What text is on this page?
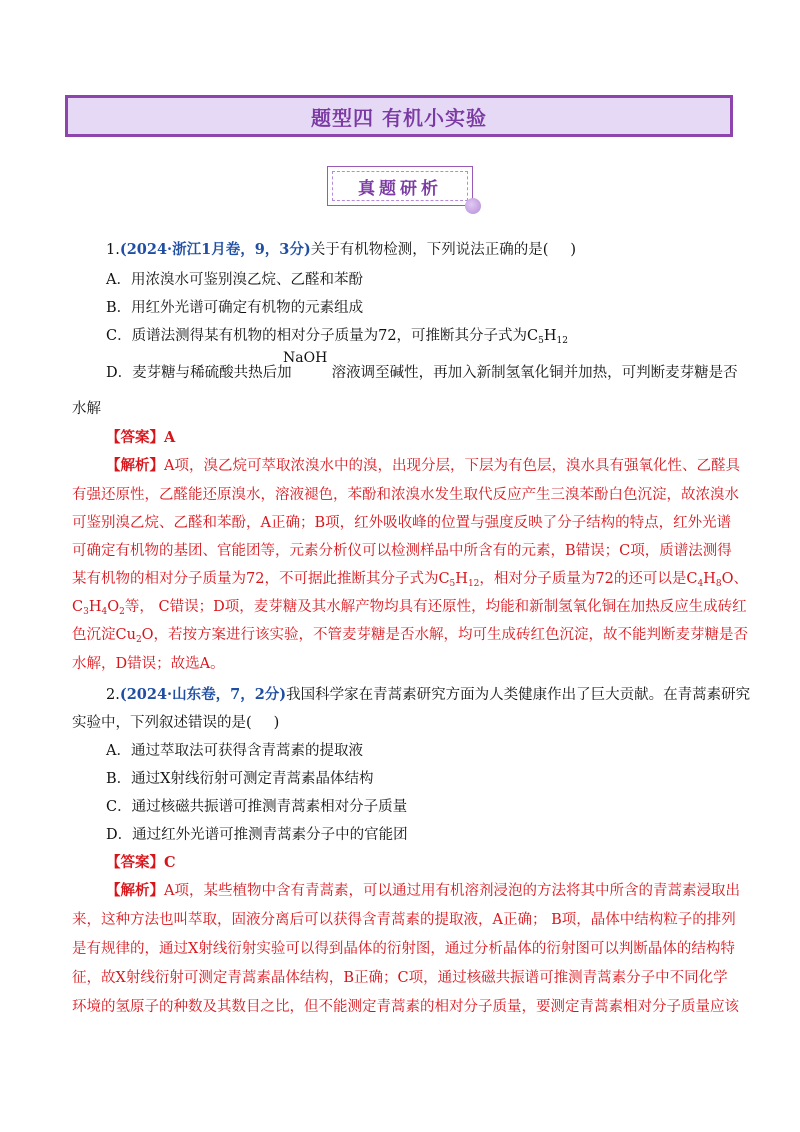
题型四 有机小实验
真题研析
1.(2024·浙江1月卷，9，3分)关于有机物检测，下列说法正确的是( )
A．用浓溴水可鉴别溴乙烷、乙醛和苯酚
B．用红外光谱可确定有机物的元素组成
C．质谱法测得某有机物的相对分子质量为72，可推断其分子式为$C_5H_{12}$
NaOH
D．麦芽糖与稀硫酸共热后加	溶液调至碱性，再加入新制氢氧化铜并加热，可判断麦芽糖是否
水解
【答案】A
【解析】A项，溴乙烷可萃取浓溴水中的溴，出现分层，下层为有色层，溴水具有强氧化性、乙醛具
有强还原性，乙醛能还原溴水，溶液褪色，苯酚和浓溴水发生取代反应产生三溴苯酚白色沉淀，故浓溴水
可鉴别溴乙烷、乙醛和苯酚，A正确；B项，红外吸收峰的位置与强度反映了分子结构的特点，红外光谱
可确定有机物的基团、官能团等，元素分析仪可以检测样品中所含有的元素，B错误；C项，质谱法测得
某有机物的相对分子质量为72，不可据此推断其分子式为$C_5H_{12}$，相对分子质量为72的还可以是$C_4H_8O$、
$C_3H_4O_2$等， C错误；D项，麦芽糖及其水解产物均具有还原性，均能和新制氢氧化铜在加热反应生成砖红
色沉淀$Cu_2O$，若按方案进行该实验，不管麦芽糖是否水解，均可生成砖红色沉淀，故不能判断麦芽糖是否
水解，D错误；故选A。
2.(2024·山东卷，7，2分)我国科学家在青蒿素研究方面为人类健康作出了巨大贡献。在青蒿素研究
实验中，下列叙述错误的是( )
A．通过萃取法可获得含青蒿素的提取液
B．通过X射线衍射可测定青蒿素晶体结构
C．通过核磁共振谱可推测青蒿素相对分子质量
D．通过红外光谱可推测青蒿素分子中的官能团
【答案】C
【解析】A项，某些植物中含有青蒿素，可以通过用有机溶剂浸泡的方法将其中所含的青蒿素浸取出
来，这种方法也叫萃取，固液分离后可以获得含青蒿素的提取液，A正确； B项，晶体中结构粒子的排列
是有规律的，通过X射线衍射实验可以得到晶体的衍射图，通过分析晶体的衍射图可以判断晶体的结构特
征，故X射线衍射可测定青蒿素晶体结构，B正确；C项，通过核磁共振谱可推测青蒿素分子中不同化学
环境的氢原子的种数及其数目之比，但不能测定青蒿素的相对分子质量，要测定青蒿素相对分子质量应该
